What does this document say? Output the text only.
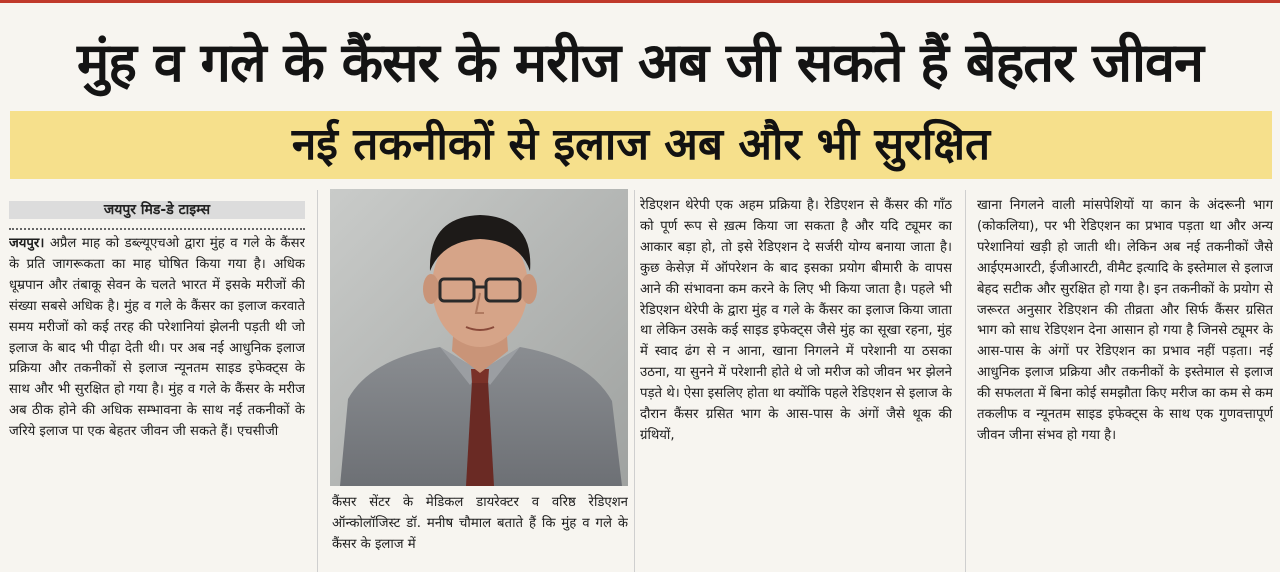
मुंह व गले के कैंसर के मरीज अब जी सकते हैं बेहतर जीवन
नई तकनीकों से इलाज अब और भी सुरक्षित
जयपुर मिड-डे टाइम्स
जयपुर। अप्रैल माह को डब्ल्यूएचओ द्वारा मुंह व गले के कैंसर के प्रति जागरूकता का माह घोषित किया गया है। अधिक धूम्रपान और तंबाकू सेवन के चलते भारत में इसके मरीजों की संख्या सबसे अधिक है। मुंह व गले के कैंसर का इलाज करवाते समय मरीजों को कई तरह की परेशानियां झेलनी पड़ती थी जो इलाज के बाद भी पीढ़ा देती थी। पर अब नई आधुनिक इलाज प्रक्रिया और तकनीकों से इलाज न्यूनतम साइड इफेक्ट्स के साथ और भी सुरक्षित हो गया है। मुंह व गले के कैंसर के मरीज अब ठीक होने की अधिक सम्भावना के साथ नई तकनीकों के जरिये इलाज पा एक बेहतर जीवन जी सकते हैं। एचसीजी
कैंसर सेंटर के मेडिकल डायरेक्टर व वरिष्ठ रेडिएशन ऑन्कोलॉजिस्ट डॉ. मनीष चौमाल बताते हैं कि मुंह व गले के कैंसर के इलाज में
रेडिएशन थेरेपी एक अहम प्रक्रिया है। रेडिएशन से कैंसर की गाँठ को पूर्ण रूप से ख़त्म किया जा सकता है और यदि ट्यूमर का आकार बड़ा हो, तो इसे रेडिएशन दे सर्जरी योग्य बनाया जाता है। कुछ केसेज़ में ऑपरेशन के बाद इसका प्रयोग बीमारी के वापस आने की संभावना कम करने के लिए भी किया जाता है। पहले भी रेडिएशन थेरेपी के द्वारा मुंह व गले के कैंसर का इलाज किया जाता था लेकिन उसके कई साइड इफेक्ट्स जैसे मुंह का सूखा रहना, मुंह में स्वाद ढंग से न आना, खाना निगलने में परेशानी या ठसका उठना, या सुनने में परेशानी होते थे जो मरीज को जीवन भर झेलने पड़ते थे। ऐसा इसलिए होता था क्योंकि पहले रेडिएशन से इलाज के दौरान कैंसर ग्रसित भाग के आस-पास के अंगों जैसे थूक की ग्रंथियों,
खाना निगलने वाली मांसपेशियों या कान के अंदरूनी भाग (कोकलिया), पर भी रेडिएशन का प्रभाव पड़ता था और अन्य परेशानियां खड़ी हो जाती थी। लेकिन अब नई तकनीकों जैसे आईएमआरटी, ईजीआरटी, वीमैट इत्यादि के इस्तेमाल से इलाज बेहद सटीक और सुरक्षित हो गया है। इन तकनीकों के प्रयोग से जरूरत अनुसार रेडिएशन की तीव्रता और सिर्फ कैंसर ग्रसित भाग को साध रेडिएशन देना आसान हो गया है जिनसे ट्यूमर के आस-पास के अंगों पर रेडिएशन का प्रभाव नहीं पड़ता। नई आधुनिक इलाज प्रक्रिया और तकनीकों के इस्तेमाल से इलाज की सफलता में बिना कोई समझौता किए मरीज का कम से कम तकलीफ व न्यूनतम साइड इफेक्ट्स के साथ एक गुणवत्तापूर्ण जीवन जीना संभव हो गया है।
